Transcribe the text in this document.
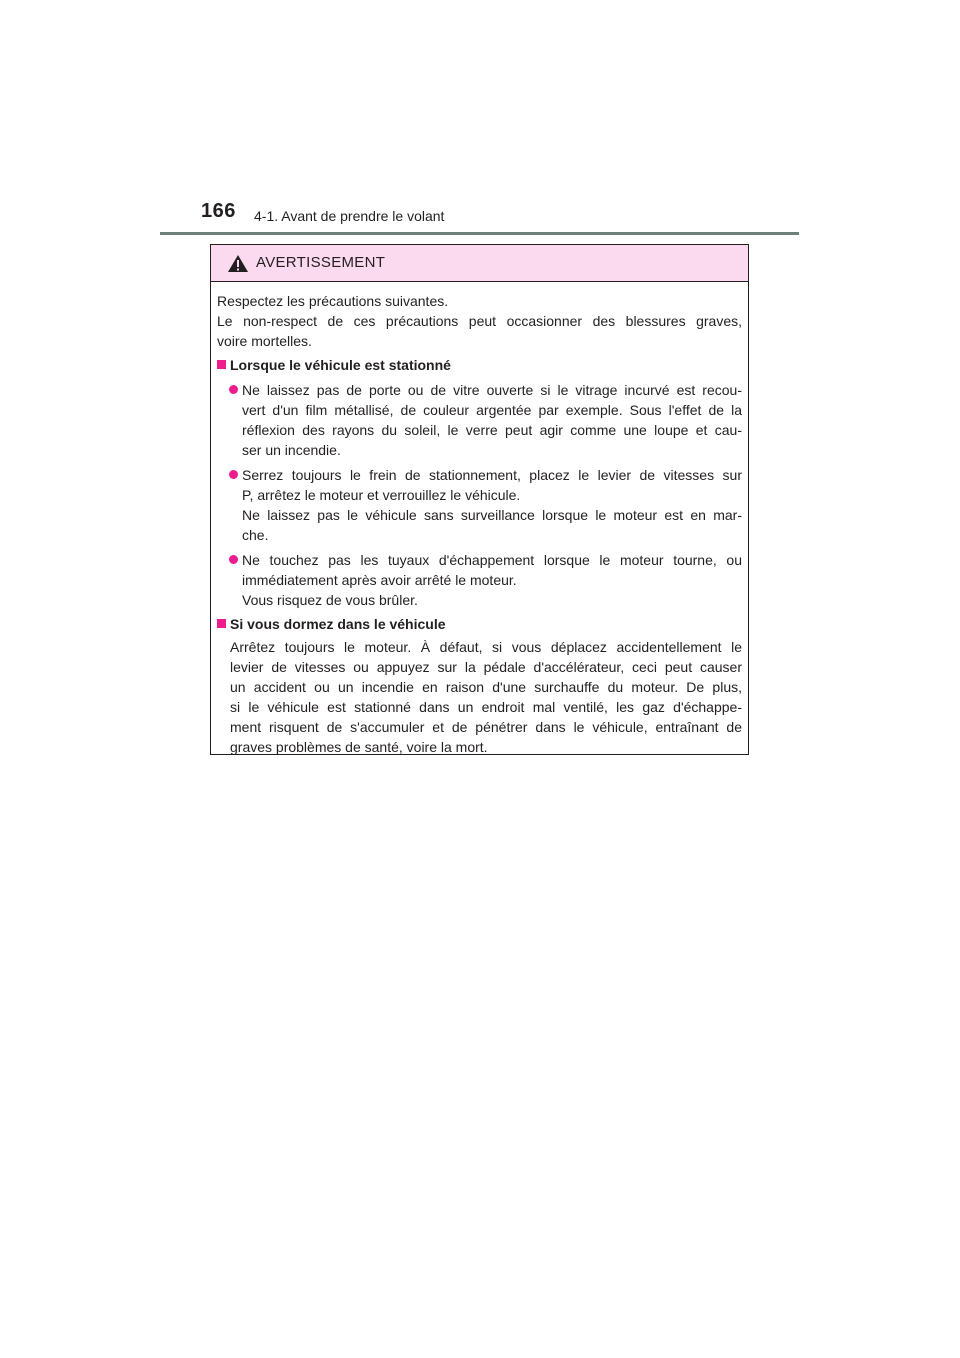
166 4-1. Avant de prendre le volant
AVERTISSEMENT
Respectez les précautions suivantes.
Le non-respect de ces précautions peut occasionner des blessures graves,
voire mortelles.
Lorsque le véhicule est stationné
Ne laissez pas de porte ou de vitre ouverte si le vitrage incurvé est recou-
vert d'un film métallisé, de couleur argentée par exemple. Sous l'effet de la
réflexion des rayons du soleil, le verre peut agir comme une loupe et cau-
ser un incendie.
Serrez toujours le frein de stationnement, placez le levier de vitesses sur
P, arrêtez le moteur et verrouillez le véhicule.
Ne laissez pas le véhicule sans surveillance lorsque le moteur est en mar-
che.
Ne touchez pas les tuyaux d'échappement lorsque le moteur tourne, ou
immédiatement après avoir arrêté le moteur.
Vous risquez de vous brûler.
Si vous dormez dans le véhicule
Arrêtez toujours le moteur. À défaut, si vous déplacez accidentellement le
levier de vitesses ou appuyez sur la pédale d'accélérateur, ceci peut causer
un accident ou un incendie en raison d'une surchauffe du moteur. De plus,
si le véhicule est stationné dans un endroit mal ventilé, les gaz d'échappe-
ment risquent de s'accumuler et de pénétrer dans le véhicule, entraînant de
graves problèmes de santé, voire la mort.
